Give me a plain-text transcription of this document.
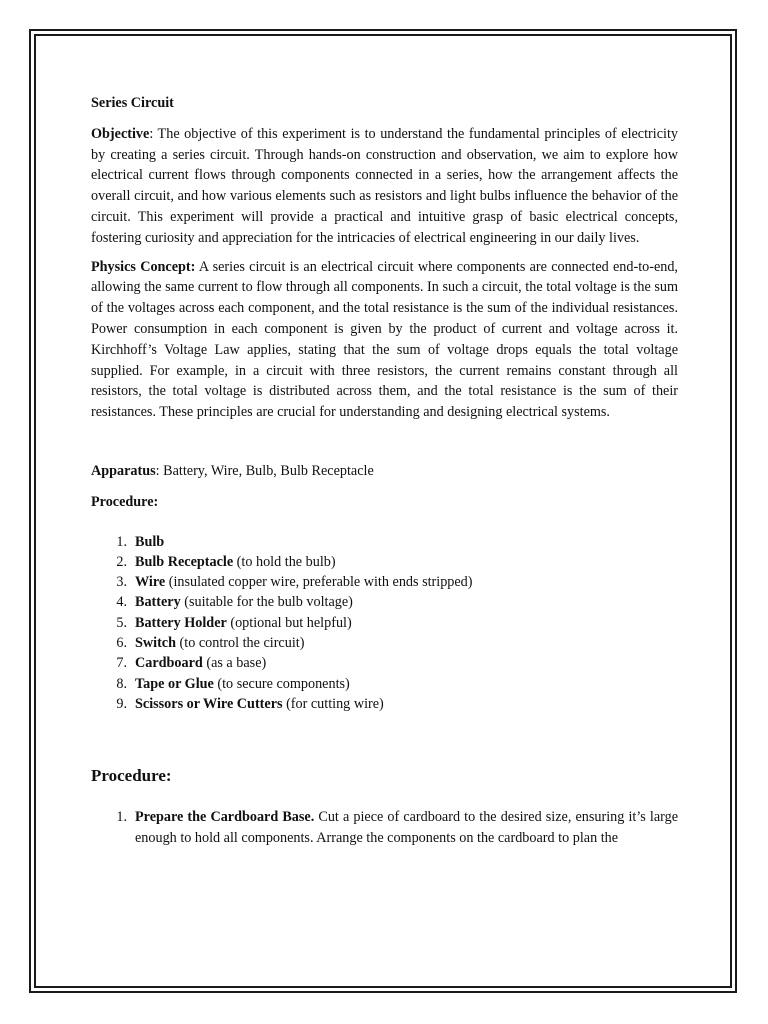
Series Circuit

Objective: The objective of this experiment is to understand the fundamental principles of electricity by creating a series circuit. Through hands-on construction and observation, we aim to explore how electrical current flows through components connected in a series, how the arrangement affects the overall circuit, and how various elements such as resistors and light bulbs influence the behavior of the circuit. This experiment will provide a practical and intuitive grasp of basic electrical concepts, fostering curiosity and appreciation for the intricacies of electrical engineering in our daily lives.

Physics Concept: A series circuit is an electrical circuit where components are connected end-to-end, allowing the same current to flow through all components. In such a circuit, the total voltage is the sum of the voltages across each component, and the total resistance is the sum of the individual resistances. Power consumption in each component is given by the product of current and voltage across it. Kirchhoff’s Voltage Law applies, stating that the sum of voltage drops equals the total voltage supplied. For example, in a circuit with three resistors, the current remains constant through all resistors, the total voltage is distributed across them, and the total resistance is the sum of their resistances. These principles are crucial for understanding and designing electrical systems.

Apparatus: Battery, Wire, Bulb, Bulb Receptacle

Procedure:

1. Bulb
2. Bulb Receptacle (to hold the bulb)
3. Wire (insulated copper wire, preferable with ends stripped)
4. Battery (suitable for the bulb voltage)
5. Battery Holder (optional but helpful)
6. Switch (to control the circuit)
7. Cardboard (as a base)
8. Tape or Glue (to secure components)
9. Scissors or Wire Cutters (for cutting wire)

Procedure:

1. Prepare the Cardboard Base. Cut a piece of cardboard to the desired size, ensuring it’s large enough to hold all components. Arrange the components on the cardboard to plan the
